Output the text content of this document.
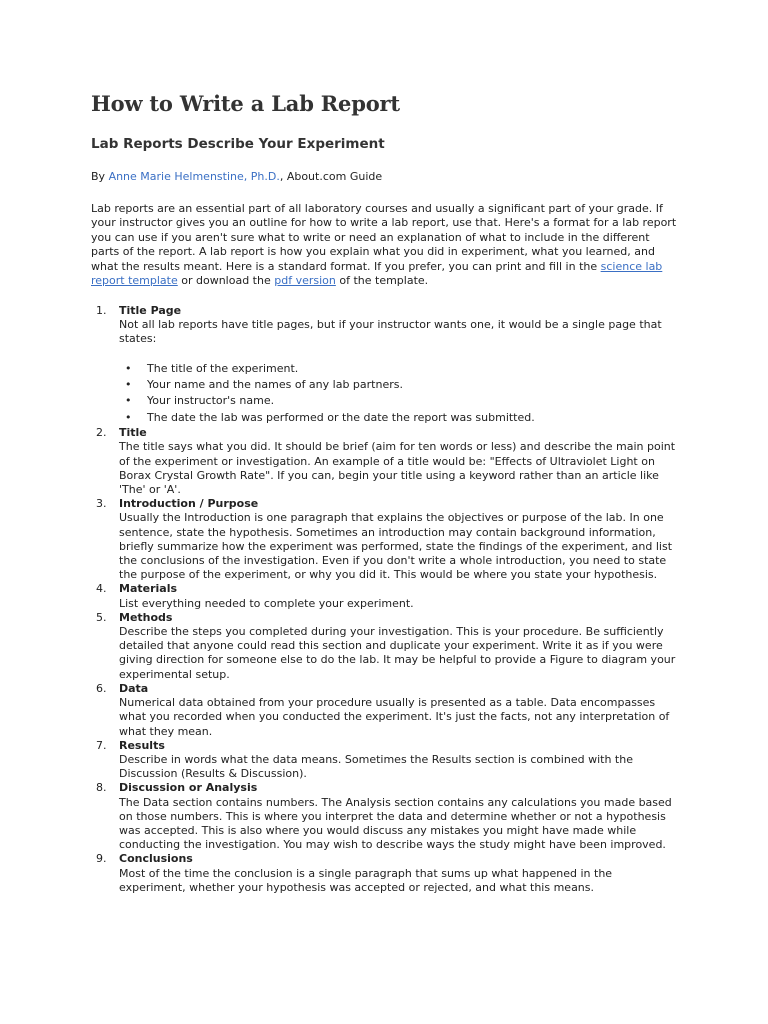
How to Write a Lab Report
Lab Reports Describe Your Experiment
By Anne Marie Helmenstine, Ph.D., About.com Guide

Lab reports are an essential part of all laboratory courses and usually a significant part of your grade. If your instructor gives you an outline for how to write a lab report, use that. Here's a format for a lab report you can use if you aren't sure what to write or need an explanation of what to include in the different parts of the report. A lab report is how you explain what you did in experiment, what you learned, and what the results meant. Here is a standard format. If you prefer, you can print and fill in the science lab report template or download the pdf version of the template.

1.	Title Page
Not all lab reports have title pages, but if your instructor wants one, it would be a single page that states:
• The title of the experiment.
• Your name and the names of any lab partners.
• Your instructor's name.
• The date the lab was performed or the date the report was submitted.
2.	Title
The title says what you did. It should be brief (aim for ten words or less) and describe the main point of the experiment or investigation. An example of a title would be: "Effects of Ultraviolet Light on Borax Crystal Growth Rate". If you can, begin your title using a keyword rather than an article like 'The' or 'A'.
3.	Introduction / Purpose
Usually the Introduction is one paragraph that explains the objectives or purpose of the lab. In one sentence, state the hypothesis. Sometimes an introduction may contain background information, briefly summarize how the experiment was performed, state the findings of the experiment, and list the conclusions of the investigation. Even if you don't write a whole introduction, you need to state the purpose of the experiment, or why you did it. This would be where you state your hypothesis.
4.	Materials
List everything needed to complete your experiment.
5.	Methods
Describe the steps you completed during your investigation. This is your procedure. Be sufficiently detailed that anyone could read this section and duplicate your experiment. Write it as if you were giving direction for someone else to do the lab. It may be helpful to provide a Figure to diagram your experimental setup.
6.	Data
Numerical data obtained from your procedure usually is presented as a table. Data encompasses what you recorded when you conducted the experiment. It's just the facts, not any interpretation of what they mean.
7.	Results
Describe in words what the data means. Sometimes the Results section is combined with the Discussion (Results & Discussion).
8.	Discussion or Analysis
The Data section contains numbers. The Analysis section contains any calculations you made based on those numbers. This is where you interpret the data and determine whether or not a hypothesis was accepted. This is also where you would discuss any mistakes you might have made while conducting the investigation. You may wish to describe ways the study might have been improved.
9.	Conclusions
Most of the time the conclusion is a single paragraph that sums up what happened in the experiment, whether your hypothesis was accepted or rejected, and what this means.
